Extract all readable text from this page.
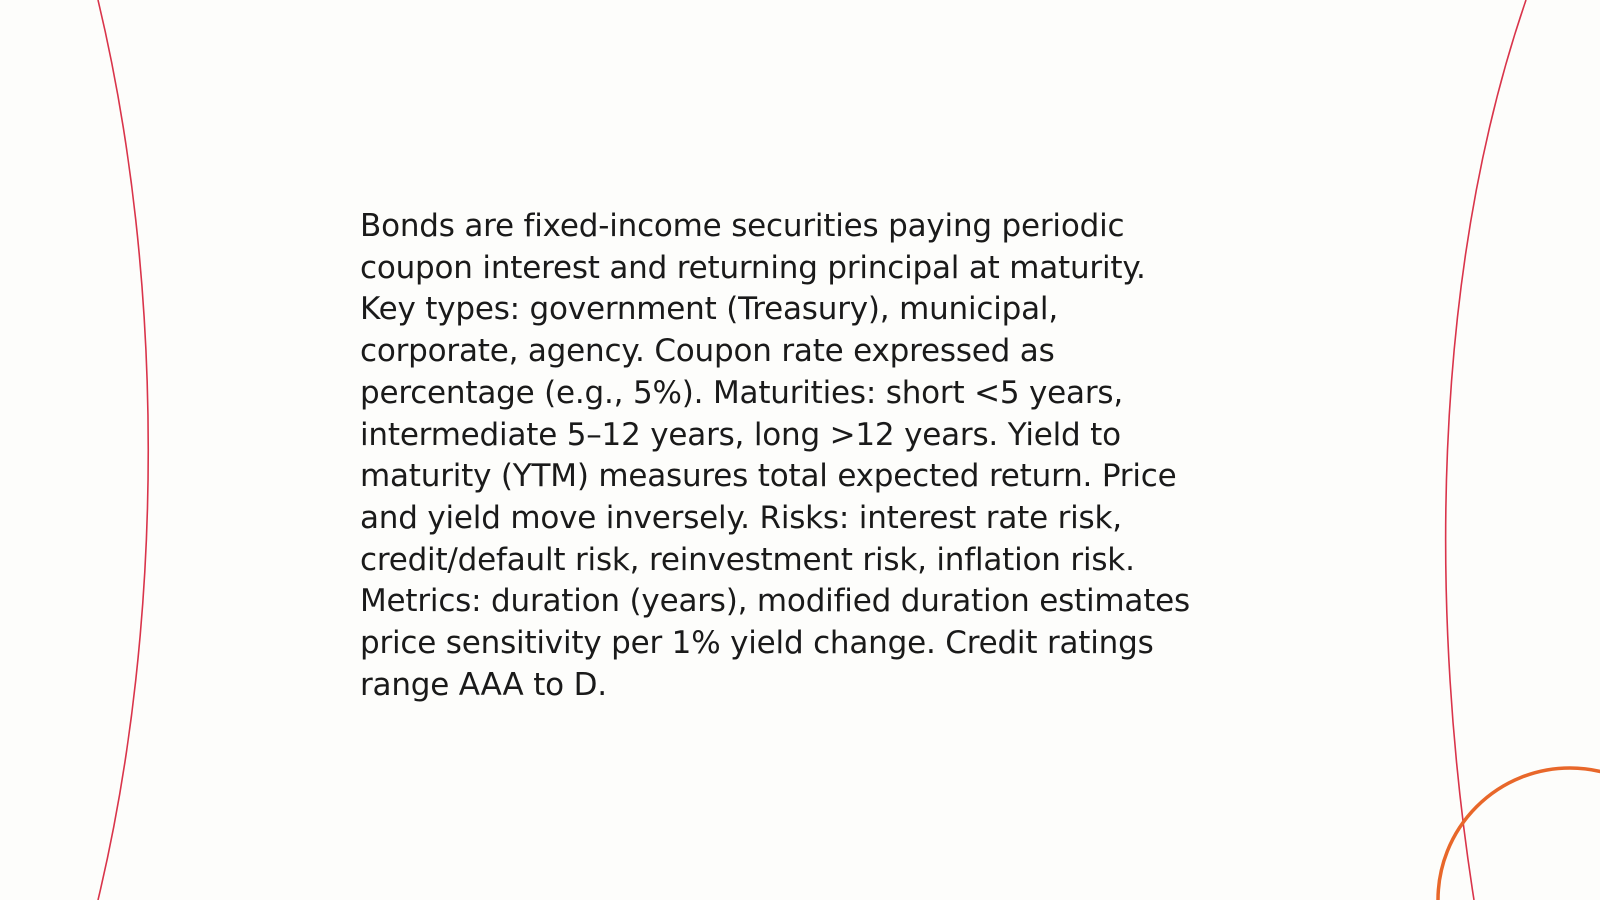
Bonds are fixed-income securities paying periodic
coupon interest and returning principal at maturity.
Key types: government (Treasury), municipal,
corporate, agency. Coupon rate expressed as
percentage (e.g., 5%). Maturities: short <5 years,
intermediate 5–12 years, long >12 years. Yield to
maturity (YTM) measures total expected return. Price
and yield move inversely. Risks: interest rate risk,
credit/default risk, reinvestment risk, inflation risk.
Metrics: duration (years), modified duration estimates
price sensitivity per 1% yield change. Credit ratings
range AAA to D.
